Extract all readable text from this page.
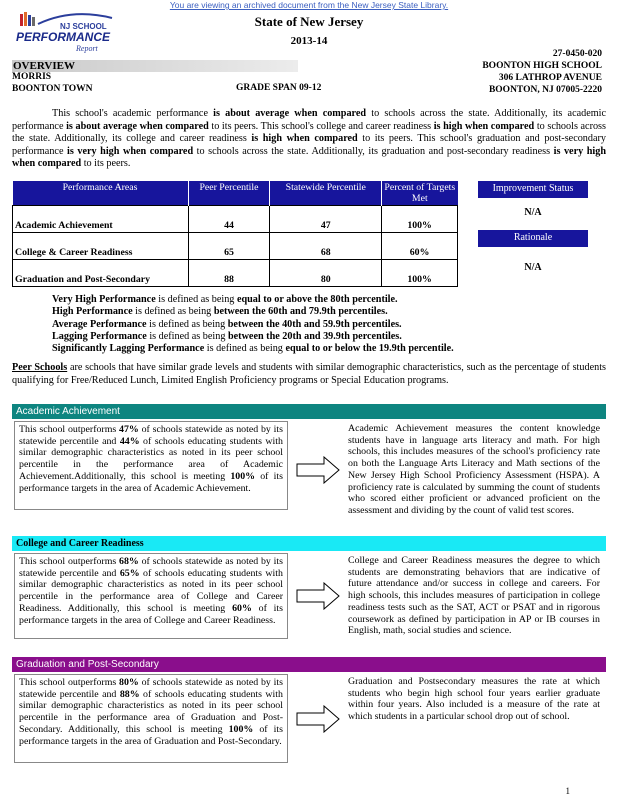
You are viewing an archived document from the New Jersey State Library.
NJ SCHOOL
PERFORMANCE
Report
State of New Jersey
2013-14
27-0450-020
OVERVIEW	BOONTON HIGH SCHOOL
MORRIS	306 LATHROP AVENUE
BOONTON TOWN	GRADE SPAN 09-12	BOONTON, NJ 07005-2220
This school's academic performance is about average when compared to schools across the state. Additionally, its academic performance is about average when compared to its peers. This school's college and career readiness is high when compared to schools across the state. Additionally, its college and career readiness is high when compared to its peers. This school's graduation and post-secondary performance is very high when compared to schools across the state. Additionally, its graduation and post-secondary readiness is very high when compared to its peers.
Performance Areas	Peer Percentile	Statewide Percentile	Percent of Targets Met
Academic Achievement	44	47	100%
College & Career Readiness	65	68	60%
Graduation and Post-Secondary	88	80	100%
Improvement Status
N/A
Rationale
N/A
Very High Performance is defined as being equal to or above the 80th percentile.
High Performance is defined as being between the 60th and 79.9th percentiles.
Average Performance is defined as being between the 40th and 59.9th percentiles.
Lagging Performance is defined as being between the 20th and 39.9th percentiles.
Significantly Lagging Performance is defined as being equal to or below the 19.9th percentile.
Peer Schools are schools that have similar grade levels and students with similar demographic characteristics, such as the percentage of students qualifying for Free/Reduced Lunch, Limited English Proficiency programs or Special Education programs.
Academic Achievement
This school outperforms 47% of schools statewide as noted by its statewide percentile and 44% of schools educating students with similar demographic characteristics as noted in its peer school percentile in the performance area of Academic Achievement.Additionally, this school is meeting 100% of its performance targets in the area of Academic Achievement.
Academic Achievement measures the content knowledge students have in language arts literacy and math. For high schools, this includes measures of the school's proficiency rate on both the Language Arts Literacy and Math sections of the New Jersey High School Proficiency Assessment (HSPA). A proficiency rate is calculated by summing the count of students who scored either proficient or advanced proficient on the assessment and dividing by the count of valid test scores.
College and Career Readiness
This school outperforms 68% of schools statewide as noted by its statewide percentile and 65% of schools educating students with similar demographic characteristics as noted in its peer school percentile in the performance area of College and Career Readiness. Additionally, this school is meeting 60% of its performance targets in the area of College and Career Readiness.
College and Career Readiness measures the degree to which students are demonstrating behaviors that are indicative of future attendance and/or success in college and careers. For high schools, this includes measures of participation in college readiness tests such as the SAT, ACT or PSAT and in rigorous coursework as defined by participation in AP or IB courses in English, math, social studies and science.
Graduation and Post-Secondary
This school outperforms 80% of schools statewide as noted by its statewide percentile and 88% of schools educating students with similar demographic characteristics as noted in its peer school percentile in the performance area of Graduation and Post-Secondary. Additionally, this school is meeting 100% of its performance targets in the area of Graduation and Post-Secondary.
Graduation and Postsecondary measures the rate at which students who begin high school four years earlier graduate within four years. Also included is a measure of the rate at which students in a particular school drop out of school.
1
